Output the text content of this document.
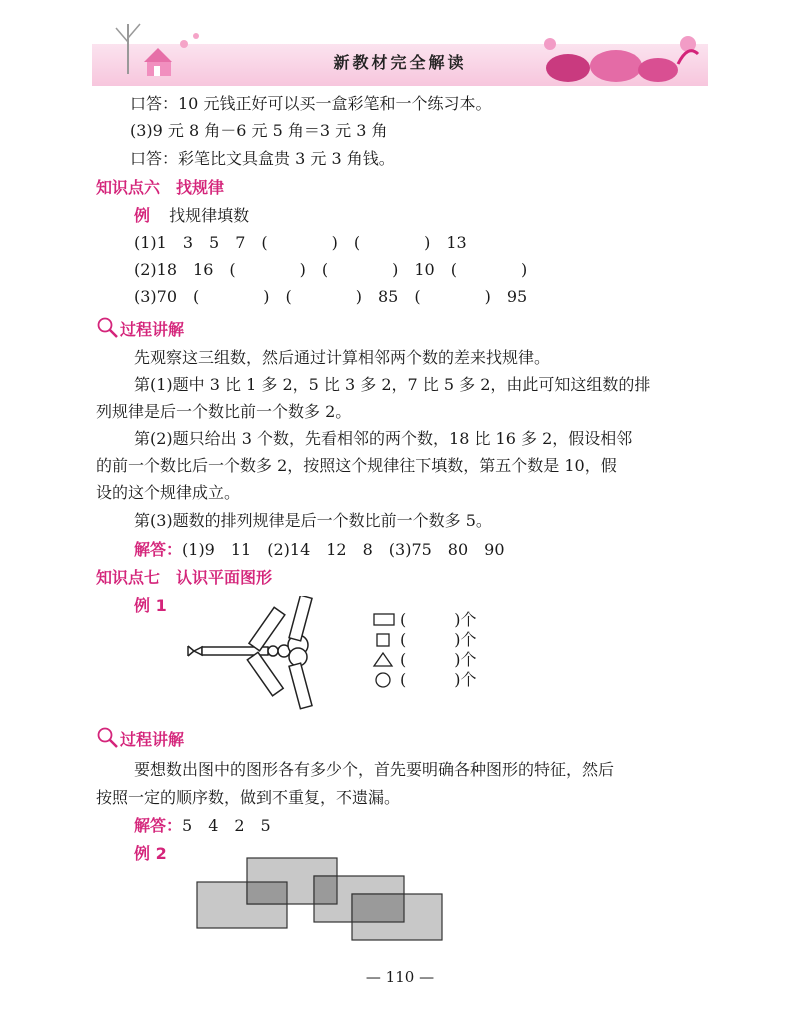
新教材完全解读
口答：10 元钱正好可以买一盒彩笔和一个练习本。
(3)9 元 8 角－6 元 5 角＝3 元 3 角
口答：彩笔比文具盒贵 3 元 3 角钱。
知识点六　找规律
例 找规律填数
(1)1　3　5　7　(　　　　)　(　　　　)　13
(2)18　16　(　　　　)　(　　　　)　10　(　　　　)
(3)70　(　　　　)　(　　　　)　85　(　　　　)　95
过程讲解
先观察这三组数，然后通过计算相邻两个数的差来找规律。
第(1)题中 3 比 1 多 2，5 比 3 多 2，7 比 5 多 2，由此可知这组数的排
列规律是后一个数比前一个数多 2。
第(2)题只给出 3 个数，先看相邻的两个数，18 比 16 多 2，假设相邻
的前一个数比后一个数多 2，按照这个规律往下填数，第五个数是 10，假
设的这个规律成立。
第(3)题数的排列规律是后一个数比前一个数多 5。
解答：(1)9　11　(2)14　12　8　(3)75　80　90
知识点七　认识平面图形
例 1
(　　　)个
(　　　)个
(　　　)个
(　　　)个
过程讲解
要想数出图中的图形各有多少个，首先要明确各种图形的特征，然后
按照一定的顺序数，做到不重复，不遗漏。
解答：5　4　2　5
例 2
— 110 —
